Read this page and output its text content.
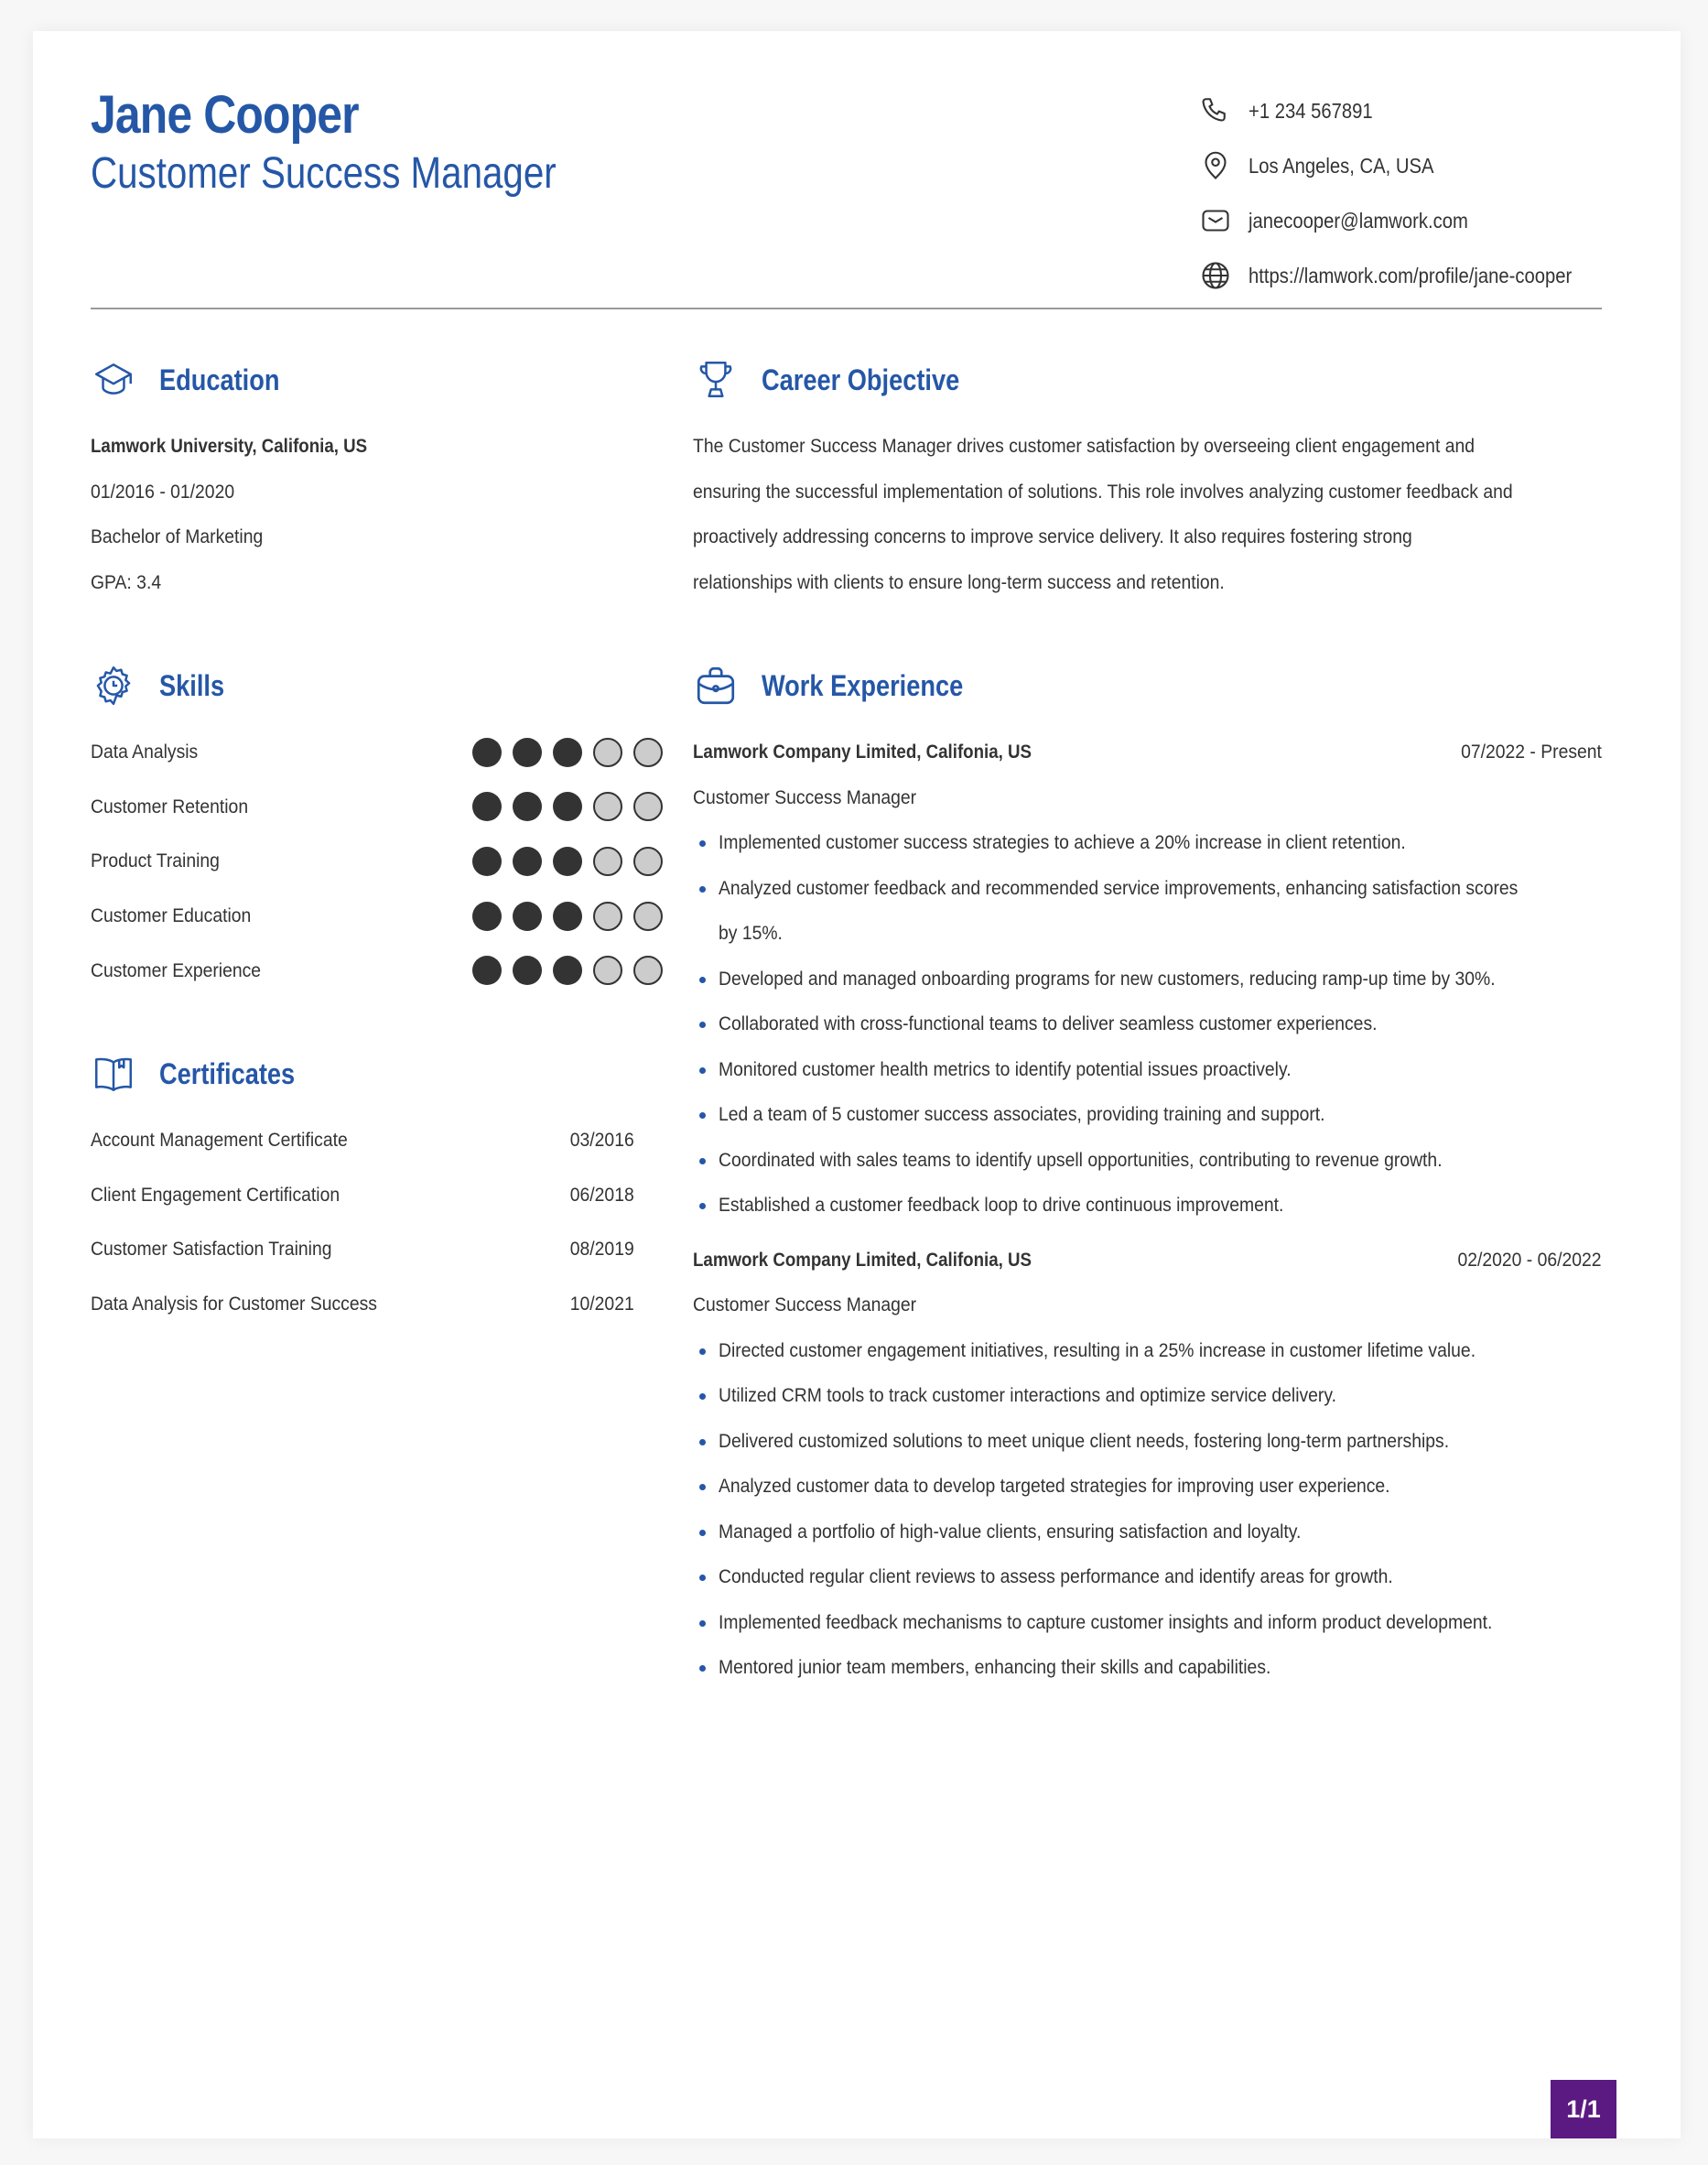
Jane Cooper
Customer Success Manager
+1 234 567891
Los Angeles, CA, USA
janecooper@lamwork.com
https://lamwork.com/profile/jane-cooper
Education
Lamwork University, Califonia, US
01/2016 - 01/2020
Bachelor of Marketing
GPA: 3.4
Skills
Data Analysis
Customer Retention
Product Training
Customer Education
Customer Experience
Certificates
Account Management Certificate	03/2016
Client Engagement Certification	06/2018
Customer Satisfaction Training	08/2019
Data Analysis for Customer Success	10/2021
Career Objective
The Customer Success Manager drives customer satisfaction by overseeing client engagement and
ensuring the successful implementation of solutions. This role involves analyzing customer feedback and
proactively addressing concerns to improve service delivery. It also requires fostering strong
relationships with clients to ensure long-term success and retention.
Work Experience
Lamwork Company Limited, Califonia, US	07/2022 - Present
Customer Success Manager
Implemented customer success strategies to achieve a 20% increase in client retention.
Analyzed customer feedback and recommended service improvements, enhancing satisfaction scores
by 15%.
Developed and managed onboarding programs for new customers, reducing ramp-up time by 30%.
Collaborated with cross-functional teams to deliver seamless customer experiences.
Monitored customer health metrics to identify potential issues proactively.
Led a team of 5 customer success associates, providing training and support.
Coordinated with sales teams to identify upsell opportunities, contributing to revenue growth.
Established a customer feedback loop to drive continuous improvement.
Lamwork Company Limited, Califonia, US	02/2020 - 06/2022
Customer Success Manager
Directed customer engagement initiatives, resulting in a 25% increase in customer lifetime value.
Utilized CRM tools to track customer interactions and optimize service delivery.
Delivered customized solutions to meet unique client needs, fostering long-term partnerships.
Analyzed customer data to develop targeted strategies for improving user experience.
Managed a portfolio of high-value clients, ensuring satisfaction and loyalty.
Conducted regular client reviews to assess performance and identify areas for growth.
Implemented feedback mechanisms to capture customer insights and inform product development.
Mentored junior team members, enhancing their skills and capabilities.
1/1
